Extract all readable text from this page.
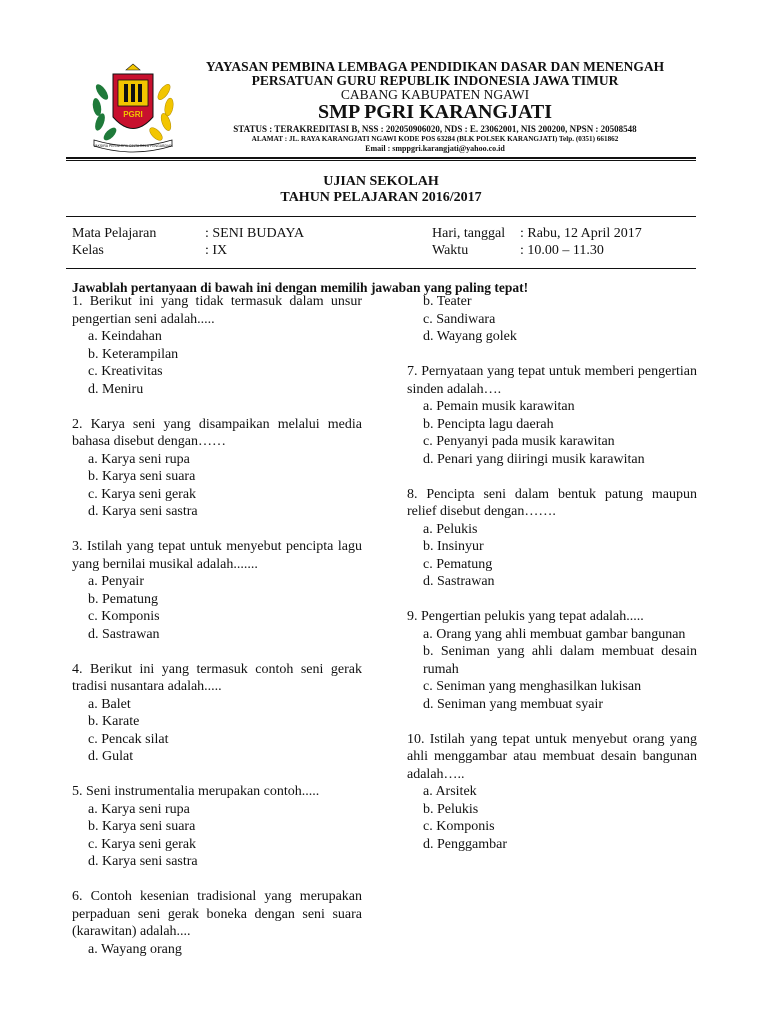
PGRI
VAKSIRA PERSERRA CINTA RELA PENGABDIAN
YAYASAN PEMBINA LEMBAGA PENDIDIKAN DASAR DAN MENENGAH
PERSATUAN GURU REPUBLIK INDONESIA JAWA TIMUR
CABANG KABUPATEN NGAWI
SMP PGRI KARANGJATI
STATUS : TERAKREDITASI B, NSS : 202050906020, NDS : E. 23062001, NIS 200200, NPSN : 20508548
ALAMAT : JL. RAYA KARANGJATI NGAWI KODE POS 63284 (BLK POLSEK KARANGJATI) Telp. (0351) 661862
Email : smppgri.karangjati@yahoo.co.id
UJIAN SEKOLAH
TAHUN PELAJARAN 2016/2017
Mata Pelajaran	: SENI BUDAYA
Kelas	: IX
Hari, tanggal : Rabu, 12 April 2017
Waktu	: 10.00 – 11.30
Jawablah pertanyaan di bawah ini dengan memilih jawaban yang paling tepat!

1. Berikut ini yang tidak termasuk dalam unsur pengertian seni adalah.....

a. Keindahan

b. Keterampilan

c. Kreativitas

d. Meniru

2. Karya seni yang disampaikan melalui media bahasa disebut dengan……

a. Karya seni rupa

b. Karya seni suara

c. Karya seni gerak

d. Karya seni sastra

3. Istilah yang tepat untuk menyebut pencipta lagu yang bernilai musikal adalah.......

a. Penyair

b. Pematung

c. Komponis

d. Sastrawan

4. Berikut ini yang termasuk contoh seni gerak tradisi nusantara adalah.....

a. Balet

b. Karate

c. Pencak silat

d. Gulat

5. Seni instrumentalia merupakan contoh.....

a. Karya seni rupa

b. Karya seni suara

c. Karya seni gerak

d. Karya seni sastra

6. Contoh kesenian tradisional yang merupakan perpaduan seni gerak boneka dengan seni suara (karawitan) adalah....

a. Wayang orang

b. Teater

c. Sandiwara

d. Wayang golek

7. Pernyataan yang tepat untuk memberi pengertian sinden adalah….

a. Pemain musik karawitan

b. Pencipta lagu daerah

c. Penyanyi pada musik karawitan

d. Penari yang diiringi musik karawitan

8. Pencipta seni dalam bentuk patung maupun relief disebut dengan…….

a. Pelukis

b. Insinyur

c. Pematung

d. Sastrawan

9. Pengertian pelukis yang tepat adalah.....

a. Orang yang ahli membuat gambar bangunan

b. Seniman yang ahli dalam membuat desain rumah

c. Seniman yang menghasilkan lukisan

d. Seniman yang membuat syair

10. Istilah yang tepat untuk menyebut orang yang ahli menggambar atau membuat desain bangunan adalah…..

a. Arsitek

b. Pelukis

c. Komponis

d. Penggambar
